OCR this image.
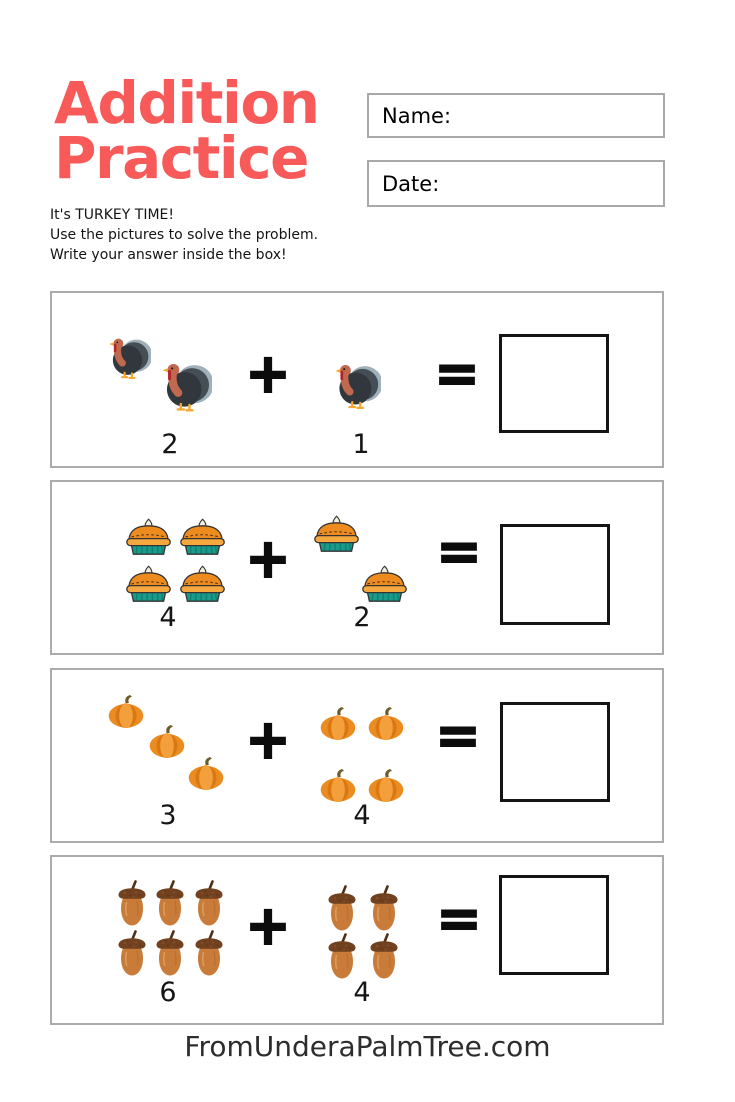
Addition
Practice
Name:
Date:
It's TURKEY TIME!
Use the pictures to solve the problem.
Write your answer inside the box!
2
+
1
=
4
+
2
=
3
+
4
=
6
+
4
=
FromUnderaPalmTree.com
